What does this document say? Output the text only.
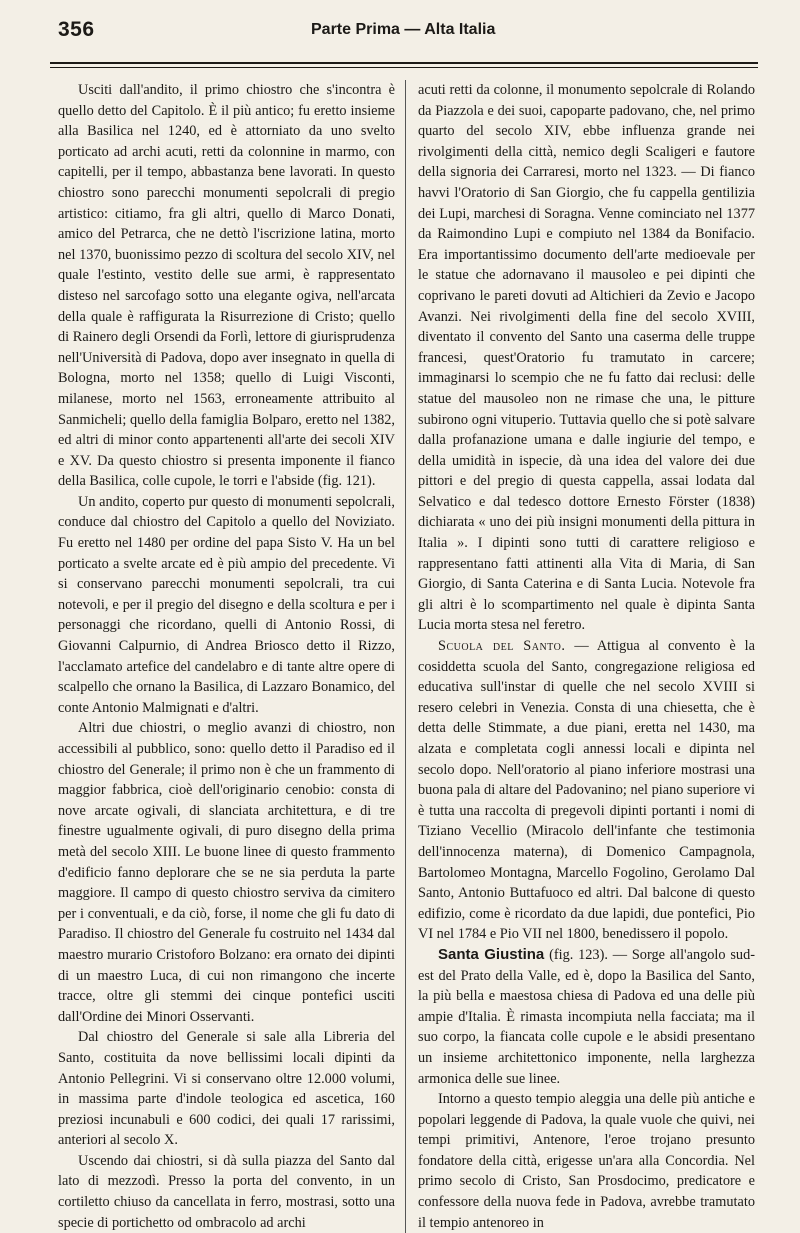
356	Parte Prima — Alta Italia

Usciti dall'andito, il primo chiostro che s'incontra è quello detto del Capitolo. È il più antico; fu eretto insieme alla Basilica nel 1240, ed è attorniato da uno svelto porticato ad archi acuti, retti da colonnine in marmo, con capitelli, per il tempo, abbastanza bene lavorati. In questo chiostro sono parecchi monumenti sepolcrali di pregio artistico: citiamo, fra gli altri, quello di Marco Donati, amico del Petrarca, che ne dettò l'iscrizione latina, morto nel 1370, buonissimo pezzo di scoltura del secolo XIV, nel quale l'estinto, vestito delle sue armi, è rappresentato disteso nel sarcofago sotto una elegante ogiva, nell'arcata della quale è raffigurata la Risurrezione di Cristo; quello di Rainero degli Orsendi da Forlì, lettore di giurisprudenza nell'Università di Padova, dopo aver insegnato in quella di Bologna, morto nel 1358; quello di Luigi Visconti, milanese, morto nel 1563, erroneamente attribuito al Sanmicheli; quello della famiglia Bolparo, eretto nel 1382, ed altri di minor conto appartenenti all'arte dei secoli XIV e XV. Da questo chiostro si presenta imponente il fianco della Basilica, colle cupole, le torri e l'abside (fig. 121).

Un andito, coperto pur questo di monumenti sepolcrali, conduce dal chiostro del Capitolo a quello del Noviziato. Fu eretto nel 1480 per ordine del papa Sisto V. Ha un bel porticato a svelte arcate ed è più ampio del precedente. Vi si conservano parecchi monumenti sepolcrali, tra cui notevoli, e per il pregio del disegno e della scoltura e per i personaggi che ricordano, quelli di Antonio Rossi, di Giovanni Calpurnio, di Andrea Briosco detto il Rizzo, l'acclamato artefice del candelabro e di tante altre opere di scalpello che ornano la Basilica, di Lazzaro Bonamico, del conte Antonio Malmignati e d'altri.

Altri due chiostri, o meglio avanzi di chiostro, non accessibili al pubblico, sono: quello detto il Paradiso ed il chiostro del Generale; il primo non è che un frammento di maggior fabbrica, cioè dell'originario cenobio: consta di nove arcate ogivali, di slanciata architettura, e di tre finestre ugualmente ogivali, di puro disegno della prima metà del secolo XIII. Le buone linee di questo frammento d'edificio fanno deplorare che se ne sia perduta la parte maggiore. Il campo di questo chiostro serviva da cimitero per i conventuali, e da ciò, forse, il nome che gli fu dato di Paradiso. Il chiostro del Generale fu costruito nel 1434 dal maestro murario Cristoforo Bolzano: era ornato dei dipinti di un maestro Luca, di cui non rimangono che incerte tracce, oltre gli stemmi dei cinque pontefici usciti dall'Ordine dei Minori Osservanti.

Dal chiostro del Generale si sale alla Libreria del Santo, costituita da nove bellissimi locali dipinti da Antonio Pellegrini. Vi si conservano oltre 12.000 volumi, in massima parte d'indole teologica ed ascetica, 160 preziosi incunabuli e 600 codici, dei quali 17 rarissimi, anteriori al secolo X.

Uscendo dai chiostri, si dà sulla piazza del Santo dal lato di mezzodì. Presso la porta del convento, in un cortiletto chiuso da cancellata in ferro, mostrasi, sotto una specie di portichetto od ombracolo ad archi

acuti retti da colonne, il monumento sepolcrale di Rolando da Piazzola e dei suoi, capoparte padovano, che, nel primo quarto del secolo XIV, ebbe influenza grande nei rivolgimenti della città, nemico degli Scaligeri e fautore della signoria dei Carraresi, morto nel 1323. — Di fianco havvi l'Oratorio di San Giorgio, che fu cappella gentilizia dei Lupi, marchesi di Soragna. Venne cominciato nel 1377 da Raimondino Lupi e compiuto nel 1384 da Bonifacio. Era importantissimo documento dell'arte medioevale per le statue che adornavano il mausoleo e pei dipinti che coprivano le pareti dovuti ad Altichieri da Zevio e Jacopo Avanzi. Nei rivolgimenti della fine del secolo XVIII, diventato il convento del Santo una caserma delle truppe francesi, quest'Oratorio fu tramutato in carcere; immaginarsi lo scempio che ne fu fatto dai reclusi: delle statue del mausoleo non ne rimase che una, le pitture subirono ogni vituperio. Tuttavia quello che si potè salvare dalla profanazione umana e dalle ingiurie del tempo, e della umidità in ispecie, dà una idea del valore dei due pittori e del pregio di questa cappella, assai lodata dal Selvatico e dal tedesco dottore Ernesto Förster (1838) dichiarata « uno dei più insigni monumenti della pittura in Italia ». I dipinti sono tutti di carattere religioso e rappresentano fatti attinenti alla Vita di Maria, di San Giorgio, di Santa Caterina e di Santa Lucia. Notevole fra gli altri è lo scompartimento nel quale è dipinta Santa Lucia morta stesa nel feretro.

Scuola del Santo. — Attigua al convento è la cosiddetta scuola del Santo, congregazione religiosa ed educativa sull'instar di quelle che nel secolo XVIII si resero celebri in Venezia. Consta di una chiesetta, che è detta delle Stimmate, a due piani, eretta nel 1430, ma alzata e completata cogli annessi locali e dipinta nel secolo dopo. Nell'oratorio al piano inferiore mostrasi una buona pala di altare del Padovanino; nel piano superiore vi è tutta una raccolta di pregevoli dipinti portanti i nomi di Tiziano Vecellio (Miracolo dell'infante che testimonia dell'innocenza materna), di Domenico Campagnola, Bartolomeo Montagna, Marcello Fogolino, Gerolamo Dal Santo, Antonio Buttafuoco ed altri. Dal balcone di questo edifizio, come è ricordato da due lapidi, due pontefici, Pio VI nel 1784 e Pio VII nel 1800, benedissero il popolo.

Santa Giustina (fig. 123). — Sorge all'angolo sud-est del Prato della Valle, ed è, dopo la Basilica del Santo, la più bella e maestosa chiesa di Padova ed una delle più ampie d'Italia. È rimasta incompiuta nella facciata; ma il suo corpo, la fiancata colle cupole e le absidi presentano un insieme architettonico imponente, nella larghezza armonica delle sue linee.

Intorno a questo tempio aleggia una delle più antiche e popolari leggende di Padova, la quale vuole che quivi, nei tempi primitivi, Antenore, l'eroe trojano presunto fondatore della città, erigesse un'ara alla Concordia. Nel primo secolo di Cristo, San Prosdocimo, predicatore e confessore della nuova fede in Padova, avrebbe tramutato il tempio antenoreo in
